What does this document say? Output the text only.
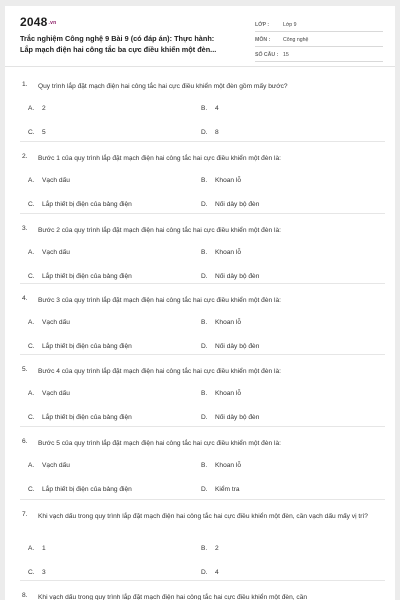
$2048^{.vn}$
Trắc nghiệm Công nghệ 9 Bài 9 (có đáp án): Thực hành:
Lắp mạch điện hai công tắc ba cực điều khiển một đèn...
LỚP :	Lớp 9
MÔN : Công nghệ
SỐ CÂU : 15
1. Quy trình lắp đặt mạch điện hai công tắc hai cực điều khiển một đèn gồm mấy bước?
A. 2	B. 4
C. 5	D. 8
2. Bước 1 của quy trình lắp đặt mạch điện hai công tắc hai cực điều khiển một đèn là:
A. Vạch dấu	B. Khoan lỗ
C. Lắp thiết bị điện của bảng điện	D. Nối dây bộ đèn
3. Bước 2 của quy trình lắp đặt mạch điện hai công tắc hai cực điều khiển một đèn là:
A. Vạch dấu	B. Khoan lỗ
C. Lắp thiết bị điện của bảng điện	D. Nối dây bộ đèn
4. Bước 3 của quy trình lắp đặt mạch điện hai công tắc hai cực điều khiển một đèn là:
A. Vạch dấu	B. Khoan lỗ
C. Lắp thiết bị điện của bảng điện	D. Nối dây bộ đèn
5. Bước 4 của quy trình lắp đặt mạch điện hai công tắc hai cực điều khiển một đèn là:
A. Vạch dấu	B. Khoan lỗ
C. Lắp thiết bị điện của bảng điện	D. Nối dây bộ đèn
6. Bước 5 của quy trình lắp đặt mạch điện hai công tắc hai cực điều khiển một đèn là:
A. Vạch dấu	B. Khoan lỗ
C. Lắp thiết bị điện của bảng điện	D. Kiểm tra
7. Khi vạch dấu trong quy trình lắp đặt mạch điện hai công tắc hai cực điều khiển một đèn, cần vạch dấu mấy vị trí?
A. 1	B. 2
C. 3	D. 4
8. Khi vạch dấu trong quy trình lắp đặt mạch điện hai công tắc hai cực điều khiển một đèn, cần
